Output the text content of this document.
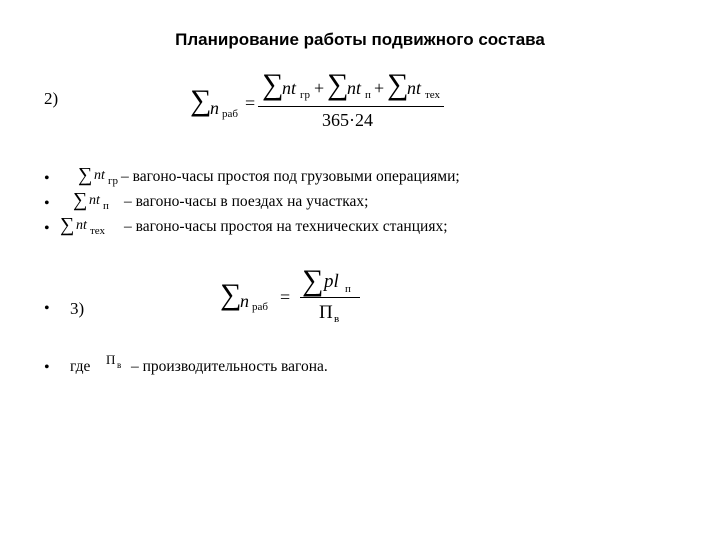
Планирование работы подвижного состава
2)	∑
n раб
=
∑
nt гр + ∑
nt п + ∑
nt тех
365·24
• ∑ nt гр – вагоно-часы простоя под грузовыми операциями;
• ∑ nt п – вагоно-часы в поездах на участках;
• ∑ nt тех – вагоно-часы простоя на технических станциях;
• 3)	∑
n раб = ∑ pl п
П в
• где П в – производительность вагона.
